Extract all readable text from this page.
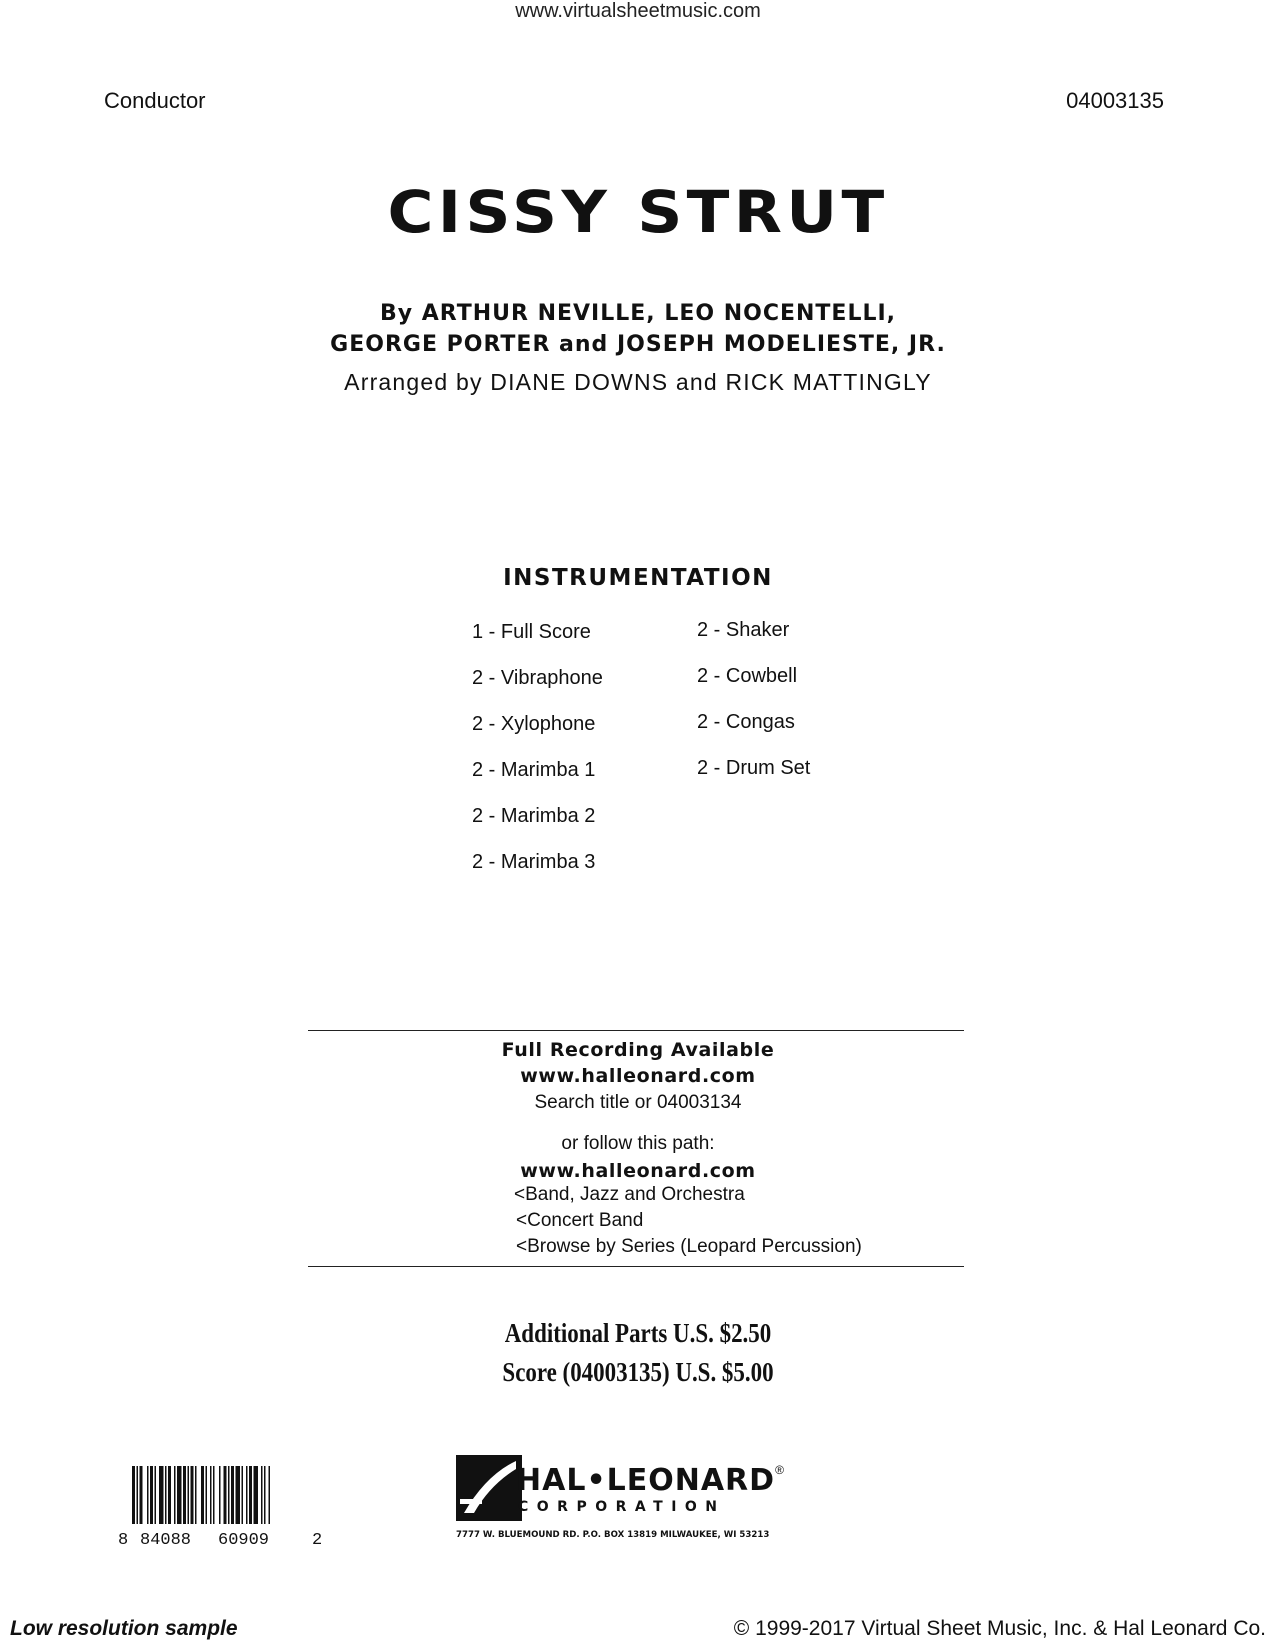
www.virtualsheetmusic.com
Conductor	04003135
CISSY STRUT
By ARTHUR NEVILLE, LEO NOCENTELLI,
GEORGE PORTER and JOSEPH MODELIESTE, JR.
Arranged by DIANE DOWNS and RICK MATTINGLY
INSTRUMENTATION
1 - Full Score
2 - Vibraphone
2 - Xylophone
2 - Marimba 1
2 - Marimba 2
2 - Marimba 3
2 - Shaker
2 - Cowbell
2 - Congas
2 - Drum Set
Full Recording Available
www.halleonard.com
Search title or 04003134
or follow this path:
www.halleonard.com
<Band, Jazz and Orchestra
<Concert Band
<Browse by Series (Leopard Percussion)
Additional Parts U.S. $2.50
Score (04003135) U.S. $5.00
8 84088 60909	2
HAL•LEONARD®
CORPORATION
7777 W. BLUEMOUND RD. P.O. BOX 13819 MILWAUKEE, WI 53213
Low resolution sample	© 1999-2017 Virtual Sheet Music, Inc. & Hal Leonard Co.
